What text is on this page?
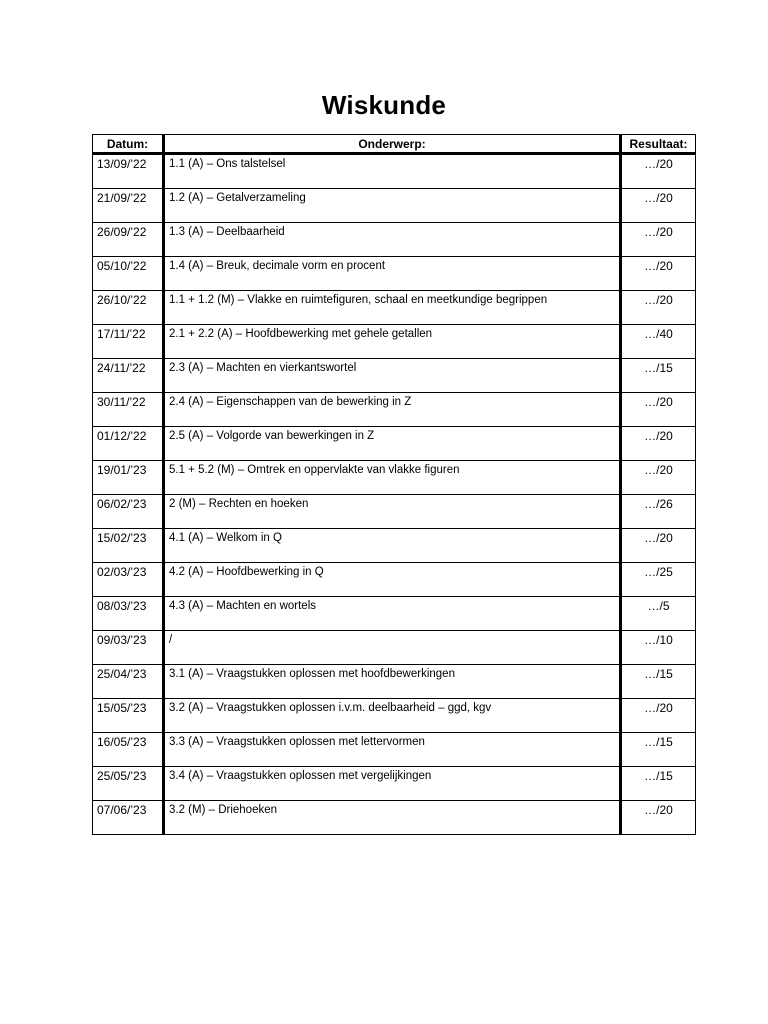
Wiskunde
Datum:	Onderwerp:	Resultaat:
13/09/’22	1.1 (A) – Ons talstelsel	…/20
21/09/’22	1.2 (A) – Getalverzameling	…/20
26/09/’22	1.3 (A) – Deelbaarheid	…/20
05/10/’22	1.4 (A) – Breuk, decimale vorm en procent	…/20
26/10/’22	1.1 + 1.2 (M) – Vlakke en ruimtefiguren, schaal en meetkundige begrippen	…/20
17/11/’22	2.1 + 2.2 (A) – Hoofdbewerking met gehele getallen	…/40
24/11/’22	2.3 (A) – Machten en vierkantswortel	…/15
30/11/’22	2.4 (A) – Eigenschappen van de bewerking in Z	…/20
01/12/’22	2.5 (A) – Volgorde van bewerkingen in Z	…/20
19/01/’23	5.1 + 5.2 (M) – Omtrek en oppervlakte van vlakke figuren	…/20
06/02/’23	2 (M) – Rechten en hoeken	…/26
15/02/’23	4.1 (A) – Welkom in Q	…/20
02/03/’23	4.2 (A) – Hoofdbewerking in Q	…/25
08/03/’23	4.3 (A) – Machten en wortels	…/5
09/03/’23	/	…/10
25/04/’23	3.1 (A) – Vraagstukken oplossen met hoofdbewerkingen	…/15
15/05/’23	3.2 (A) – Vraagstukken oplossen i.v.m. deelbaarheid – ggd, kgv	…/20
16/05/’23	3.3 (A) – Vraagstukken oplossen met lettervormen	…/15
25/05/’23	3.4 (A) – Vraagstukken oplossen met vergelijkingen	…/15
07/06/’23	3.2 (M) – Driehoeken	…/20
